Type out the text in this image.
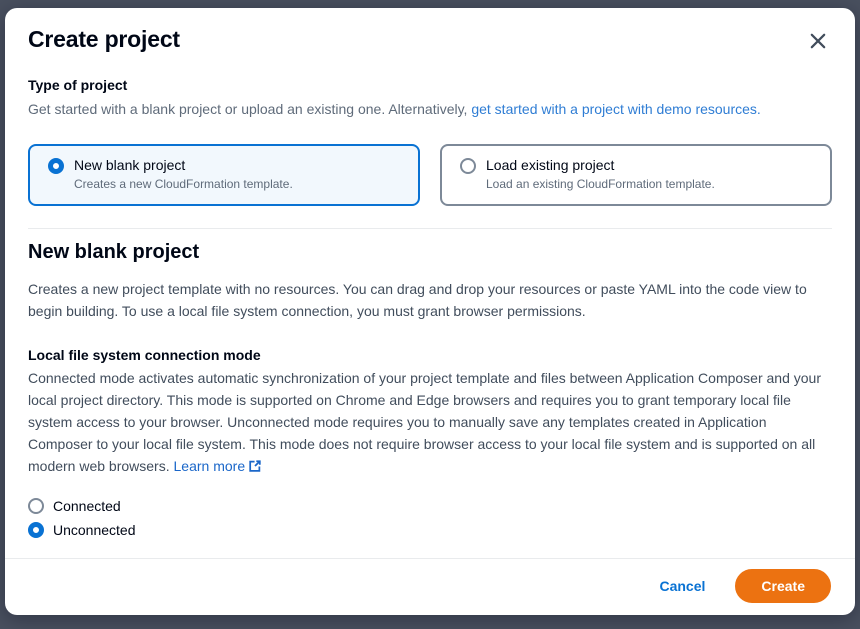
Create project
Type of project
Get started with a blank project or upload an existing one. Alternatively, get started with a project with demo resources.
New blank project
Creates a new CloudFormation template.
Load existing project
Load an existing CloudFormation template.
New blank project

Creates a new project template with no resources. You can drag and drop your resources or paste YAML into the code view to begin building. To use a local file system connection, you must grant browser permissions.

Local file system connection mode

Connected mode activates automatic synchronization of your project template and files between Application Composer and your local project directory. This mode is supported on Chrome and Edge browsers and requires you to grant temporary local file system access to your browser. Unconnected mode requires you to manually save any templates created in Application Composer to your local file system. This mode does not require browser access to your local file system and is supported on all modern web browsers. Learn more

Connected
Unconnected
Cancel	Create
